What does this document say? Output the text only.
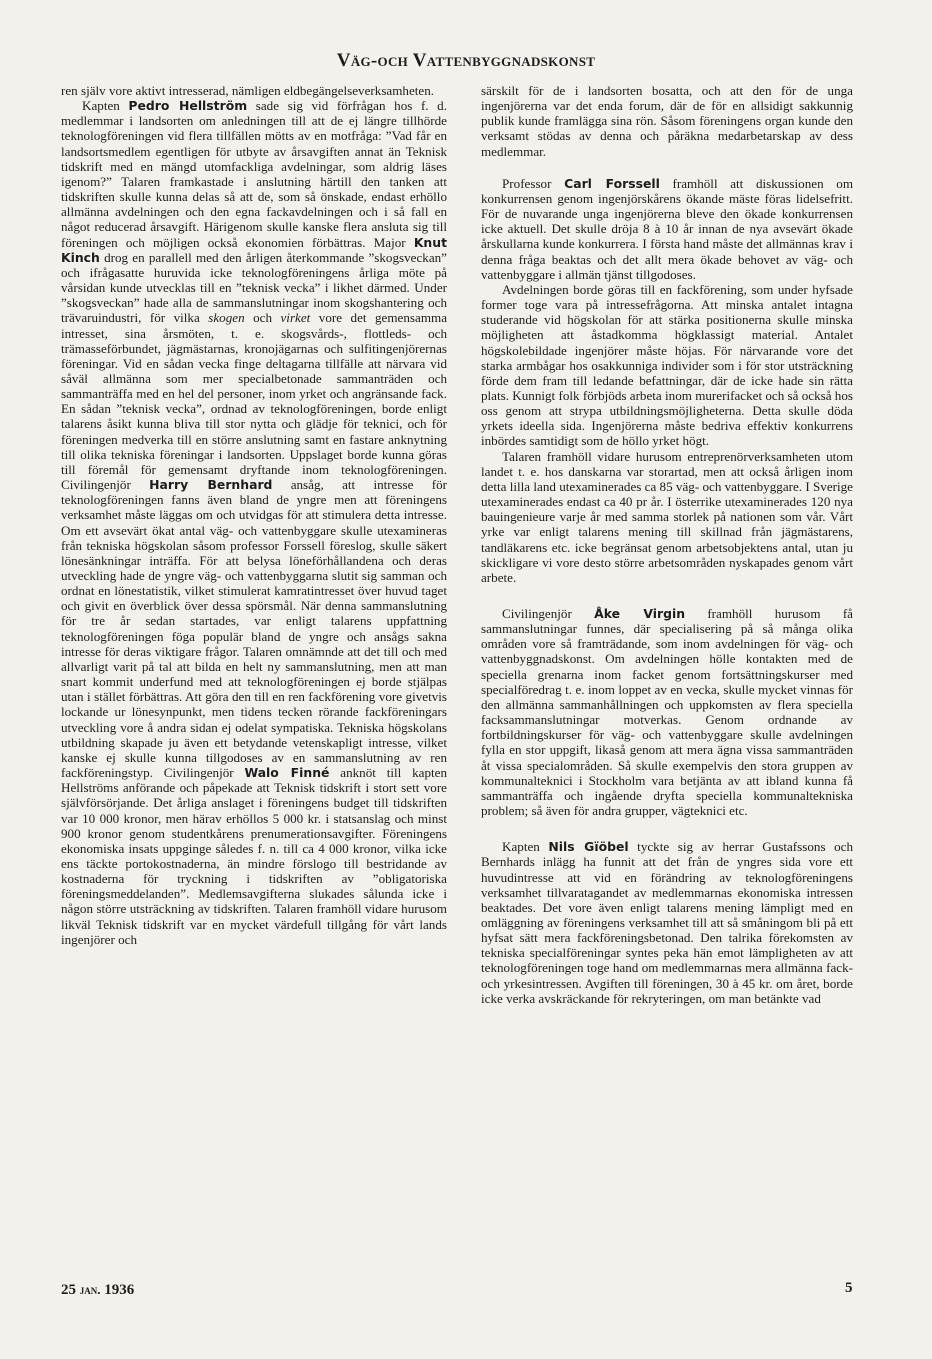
Väg-och Vattenbyggnadskonst

ren själv vore aktivt intresserad, nämligen eldbegängelseverksamheten.

Kapten Pedro Hellström sade sig vid förfrågan hos f. d. medlemmar i landsorten om anledningen till att de ej längre tillhörde teknologföreningen vid flera tillfällen mötts av en motfråga: ”Vad får en landsortsmedlem egentligen för utbyte av årsavgiften annat än Teknisk tidskrift med en mängd utomfackliga avdelningar, som aldrig läses igenom?” Talaren framkastade i anslutning härtill den tanken att tidskriften skulle kunna delas så att de, som så önskade, endast erhöllo allmänna avdelningen och den egna fackavdelningen och i så fall en något reducerad årsavgift. Härigenom skulle kanske flera ansluta sig till föreningen och möjligen också ekonomien förbättras. Major Knut Kinch drog en parallell med den årligen återkommande ”skogsveckan” och ifrågasatte huruvida icke teknologföreningens årliga möte på vårsidan kunde utvecklas till en ”teknisk vecka” i likhet därmed. Under ”skogsveckan” hade alla de sammanslutningar inom skogshantering och trävaruindustri, för vilka skogen och virket vore det gemensamma intresset, sina årsmöten, t. e. skogsvårds-, flottleds- och trämasseförbundet, jägmästarnas, kronojägarnas och sulfitingenjörernas föreningar. Vid en sådan vecka finge deltagarna tillfälle att närvara vid såväl allmänna som mer specialbetonade sammanträden och sammanträffa med en hel del personer, inom yrket och angränsande fack. En sådan ”teknisk vecka”, ordnad av teknologföreningen, borde enligt talarens åsikt kunna bliva till stor nytta och glädje för teknici, och för föreningen medverka till en större anslutning samt en fastare anknytning till olika tekniska föreningar i landsorten. Uppslaget borde kunna göras till föremål för gemensamt dryftande inom teknologföreningen. Civilingenjör Harry Bernhard ansåg, att intresse för teknologföreningen fanns även bland de yngre men att föreningens verksamhet måste läggas om och utvidgas för att stimulera detta intresse. Om ett avsevärt ökat antal väg- och vattenbyggare skulle utexamineras från tekniska högskolan såsom professor Forssell föreslog, skulle säkert lönesänkningar inträffa. För att belysa löneförhållandena och deras utveckling hade de yngre väg- och vattenbyggarna slutit sig samman och ordnat en lönestatistik, vilket stimulerat kamratintresset över huvud taget och givit en överblick över dessa spörsmål. När denna sammanslutning för tre år sedan startades, var enligt talarens uppfattning teknologföreningen föga populär bland de yngre och ansågs sakna intresse för deras viktigare frågor. Talaren omnämnde att det till och med allvarligt varit på tal att bilda en helt ny sammanslutning, men att man snart kommit underfund med att teknologföreningen ej borde stjälpas utan i stället förbättras. Att göra den till en ren fackförening vore givetvis lockande ur lönesynpunkt, men tidens tecken rörande fackföreningars utveckling vore å andra sidan ej odelat sympatiska. Tekniska högskolans utbildning skapade ju även ett betydande vetenskapligt intresse, vilket kanske ej skulle kunna tillgodoses av en sammanslutning av ren fackföreningstyp. Civilingenjör Walo Finné anknöt till kapten Hellströms anförande och påpekade att Teknisk tidskrift i stort sett vore självförsörjande. Det årliga anslaget i föreningens budget till tidskriften var 10 000 kronor, men härav erhöllos 5 000 kr. i statsanslag och minst 900 kronor genom studentkårens prenumerationsavgifter. Föreningens ekonomiska insats uppginge således f. n. till ca 4 000 kronor, vilka icke ens täckte portokostnaderna, än mindre förslogo till bestridande av kostnaderna för tryckning i tidskriften av ”obligatoriska föreningsmeddelanden”. Medlemsavgifterna slukades sålunda icke i någon större utsträckning av tidskriften. Talaren framhöll vidare hurusom likväl Teknisk tidskrift var en mycket värdefull tillgång för vårt lands ingenjörer och

särskilt för de i landsorten bosatta, och att den för de unga ingenjörerna var det enda forum, där de för en allsidigt sakkunnig publik kunde framlägga sina rön. Såsom föreningens organ kunde den verksamt stödas av denna och påräkna medarbetarskap av dess medlemmar.

Professor Carl Forssell framhöll att diskussionen om konkurrensen genom ingenjörskårens ökande mäste föras lidelsefritt. För de nuvarande unga ingenjörerna bleve den ökade konkurrensen icke aktuell. Det skulle dröja 8 à 10 år innan de nya avsevärt ökade årskullarna kunde konkurrera. I första hand måste det allmännas krav i denna fråga beaktas och det allt mera ökade behovet av väg- och vattenbyggare i allmän tjänst tillgodoses.

Avdelningen borde göras till en fackförening, som under hyfsade former toge vara på intressefrågorna. Att minska antalet intagna studerande vid högskolan för att stärka positionerna skulle minska möjligheten att åstadkomma högklassigt material. Antalet högskolebildade ingenjörer måste höjas. För närvarande vore det starka armbågar hos osakkunniga individer som i för stor utsträckning förde dem fram till ledande befattningar, där de icke hade sin rätta plats. Kunnigt folk förbjöds arbeta inom murerifacket och så också hos oss genom att strypa utbildningsmöjligheterna. Detta skulle döda yrkets ideella sida. Ingenjörerna måste bedriva effektiv konkurrens inbördes samtidigt som de höllo yrket högt.

Talaren framhöll vidare hurusom entreprenörverksamheten utom landet t. e. hos danskarna var storartad, men att också årligen inom detta lilla land utexaminerades ca 85 väg- och vattenbyggare. I Sverige utexaminerades endast ca 40 pr år. I österrike utexaminerades 120 nya bauingenieure varje år med samma storlek på nationen som vår. Vårt yrke var enligt talarens mening till skillnad från jägmästarens, tandläkarens etc. icke begränsat genom arbetsobjektens antal, utan ju skickligare vi vore desto större arbetsområden nyskapades genom vårt arbete.

Civilingenjör Åke Virgin framhöll hurusom få sammanslutningar funnes, där specialisering på så många olika områden vore så framträdande, som inom avdelningen för väg- och vattenbyggnadskonst. Om avdelningen hölle kontakten med de speciella grenarna inom facket genom fortsättningskurser med specialföredrag t. e. inom loppet av en vecka, skulle mycket vinnas för den allmänna sammanhållningen och uppkomsten av flera speciella facksammanslutningar motverkas. Genom ordnande av fortbildningskurser för väg- och vattenbyggare skulle avdelningen fylla en stor uppgift, likaså genom att mera ägna vissa sammanträden åt vissa specialområden. Så skulle exempelvis den stora gruppen av kommunalteknici i Stockholm vara betjänta av att ibland kunna få sammanträffa och ingående dryfta speciella kommunaltekniska problem; så även för andra grupper, vägteknici etc.

Kapten Nils Gïöbel tyckte sig av herrar Gustafssons och Bernhards inlägg ha funnit att det från de yngres sida vore ett huvudintresse att vid en förändring av teknologföreningens verksamhet tillvaratagandet av medlemmarnas ekonomiska intressen beaktades. Det vore även enligt talarens mening lämpligt med en omläggning av föreningens verksamhet till att så småningom bli på ett hyfsat sätt mera fackföreningsbetonad. Den talrika förekomsten av tekniska specialföreningar syntes peka hän emot lämpligheten av att teknologföreningen toge hand om medlemmarnas mera allmänna fack- och yrkesintressen. Avgiften till föreningen, 30 à 45 kr. om året, borde icke verka avskräckande för rekryteringen, om man betänkte vad

25 jan. 1936	5
